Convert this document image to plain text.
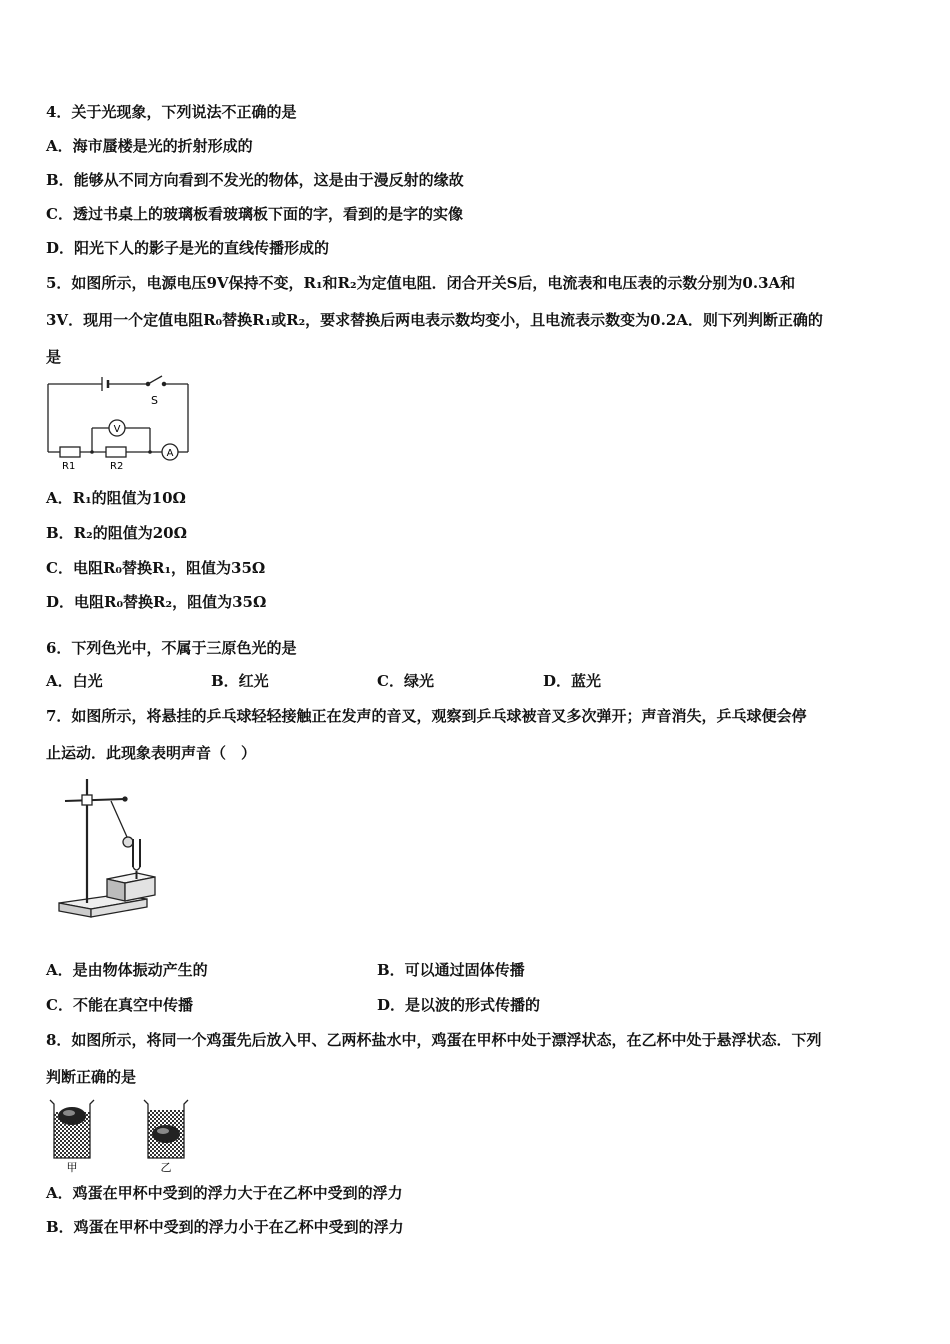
4．关于光现象，下列说法不正确的是
A．海市蜃楼是光的折射形成的
B．能够从不同方向看到不发光的物体，这是由于漫反射的缘故
C．透过书桌上的玻璃板看玻璃板下面的字，看到的是字的实像
D．阳光下人的影子是光的直线传播形成的
5．如图所示，电源电压9V保持不变，R₁和R₂为定值电阻．闭合开关S后，电流表和电压表的示数分别为0.3A和
3V．现用一个定值电阻R₀替换R₁或R₂，要求替换后两电表示数均变小，且电流表示数变为0.2A．则下列判断正确的
是
S
V
A
R1	R2
A．R₁的阻值为10Ω
B．R₂的阻值为20Ω
C．电阻R₀替换R₁，阻值为35Ω
D．电阻R₀替换R₂，阻值为35Ω
6．下列色光中，不属于三原色光的是
A．白光	B．红光	C．绿光	D．蓝光
7．如图所示，将悬挂的乒乓球轻轻接触正在发声的音叉，观察到乒乓球被音叉多次弹开；声音消失，乒乓球便会停
止运动．此现象表明声音（　）
A．是由物体振动产生的	B．可以通过固体传播
C．不能在真空中传播	D．是以波的形式传播的
8．如图所示，将同一个鸡蛋先后放入甲、乙两杯盐水中，鸡蛋在甲杯中处于漂浮状态，在乙杯中处于悬浮状态．下列
判断正确的是
甲	乙
A．鸡蛋在甲杯中受到的浮力大于在乙杯中受到的浮力
B．鸡蛋在甲杯中受到的浮力小于在乙杯中受到的浮力
